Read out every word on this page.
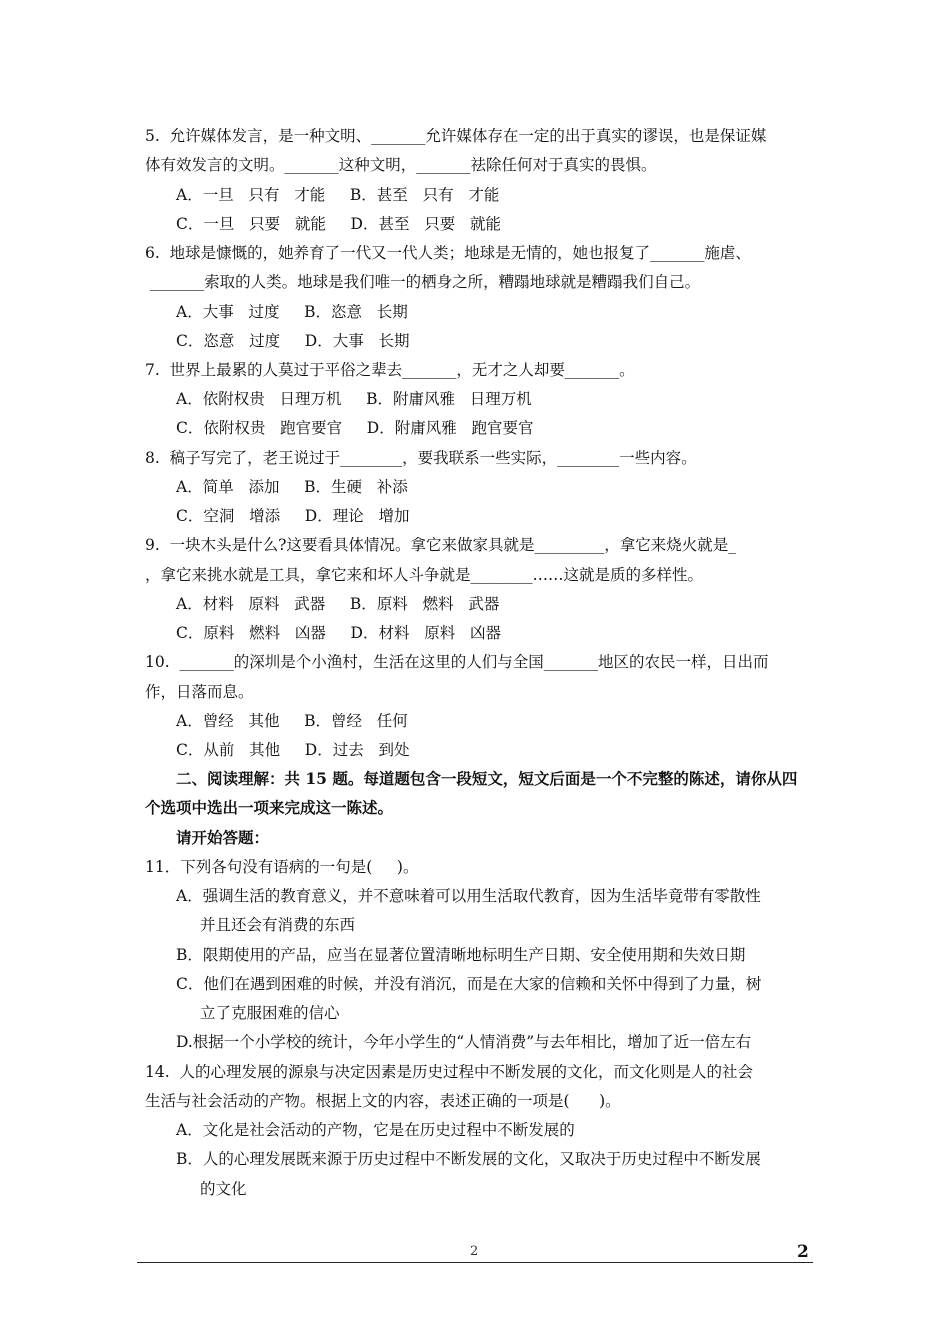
5.  允许媒体发言，是一种文明、_______允许媒体存在一定的出于真实的谬误，也是保证媒
体有效发言的文明。_______这种文明，_______祛除任何对于真实的畏惧。
A．一旦   只有   才能     B．甚至   只有   才能
C．一旦   只要   就能     D．甚至   只要   就能
6.  地球是慷慨的，她养育了一代又一代人类；地球是无情的，她也报复了_______施虐、
_______索取的人类。地球是我们唯一的栖身之所，糟蹋地球就是糟蹋我们自己。
A．大事   过度     B．恣意   长期
C．恣意   过度     D．大事   长期
7.  世界上最累的人莫过于平俗之辈去_______，无才之人却要_______。
A．依附权贵   日理万机     B．附庸风雅   日理万机
C．依附权贵   跑官要官     D．附庸风雅   跑官要官
8.  稿子写完了，老王说过于________，要我联系一些实际，________一些内容。
A．简单   添加     B．生硬   补添
C．空洞   增添     D．理论   增加
9.  一块木头是什么?这要看具体情况。拿它来做家具就是_________，拿它来烧火就是_
，拿它来挑水就是工具，拿它来和坏人斗争就是________……这就是质的多样性。
A．材料   原料   武器     B．原料   燃料   武器
C．原料   燃料   凶器     D．材料   原料   凶器
10.  _______的深圳是个小渔村，生活在这里的人们与全国_______地区的农民一样，日出而
作，日落而息。
A．曾经   其他     B．曾经   任何
C．从前   其他     D．过去   到处
二、阅读理解：共 15 题。每道题包含一段短文，短文后面是一个不完整的陈述，请你从四
个选项中选出一项来完成这一陈述。
请开始答题：
11．下列各句没有语病的一句是(     )。
A．强调生活的教育意义，并不意味着可以用生活取代教育，因为生活毕竟带有零散性
并且还会有消费的东西
B．限期使用的产品，应当在显著位置清晰地标明生产日期、安全使用期和失效日期
C．他们在遇到困难的时候，并没有消沉，而是在大家的信赖和关怀中得到了力量，树
立了克服困难的信心
D.根据一个小学校的统计，今年小学生的“人情消费”与去年相比，增加了近一倍左右
14.  人的心理发展的源泉与决定因素是历史过程中不断发展的文化，而文化则是人的社会
生活与社会活动的产物。根据上文的内容，表述正确的一项是(      )。
A．文化是社会活动的产物，它是在历史过程中不断发展的
B．人的心理发展既来源于历史过程中不断发展的文化，又取决于历史过程中不断发展
的文化
2	2
